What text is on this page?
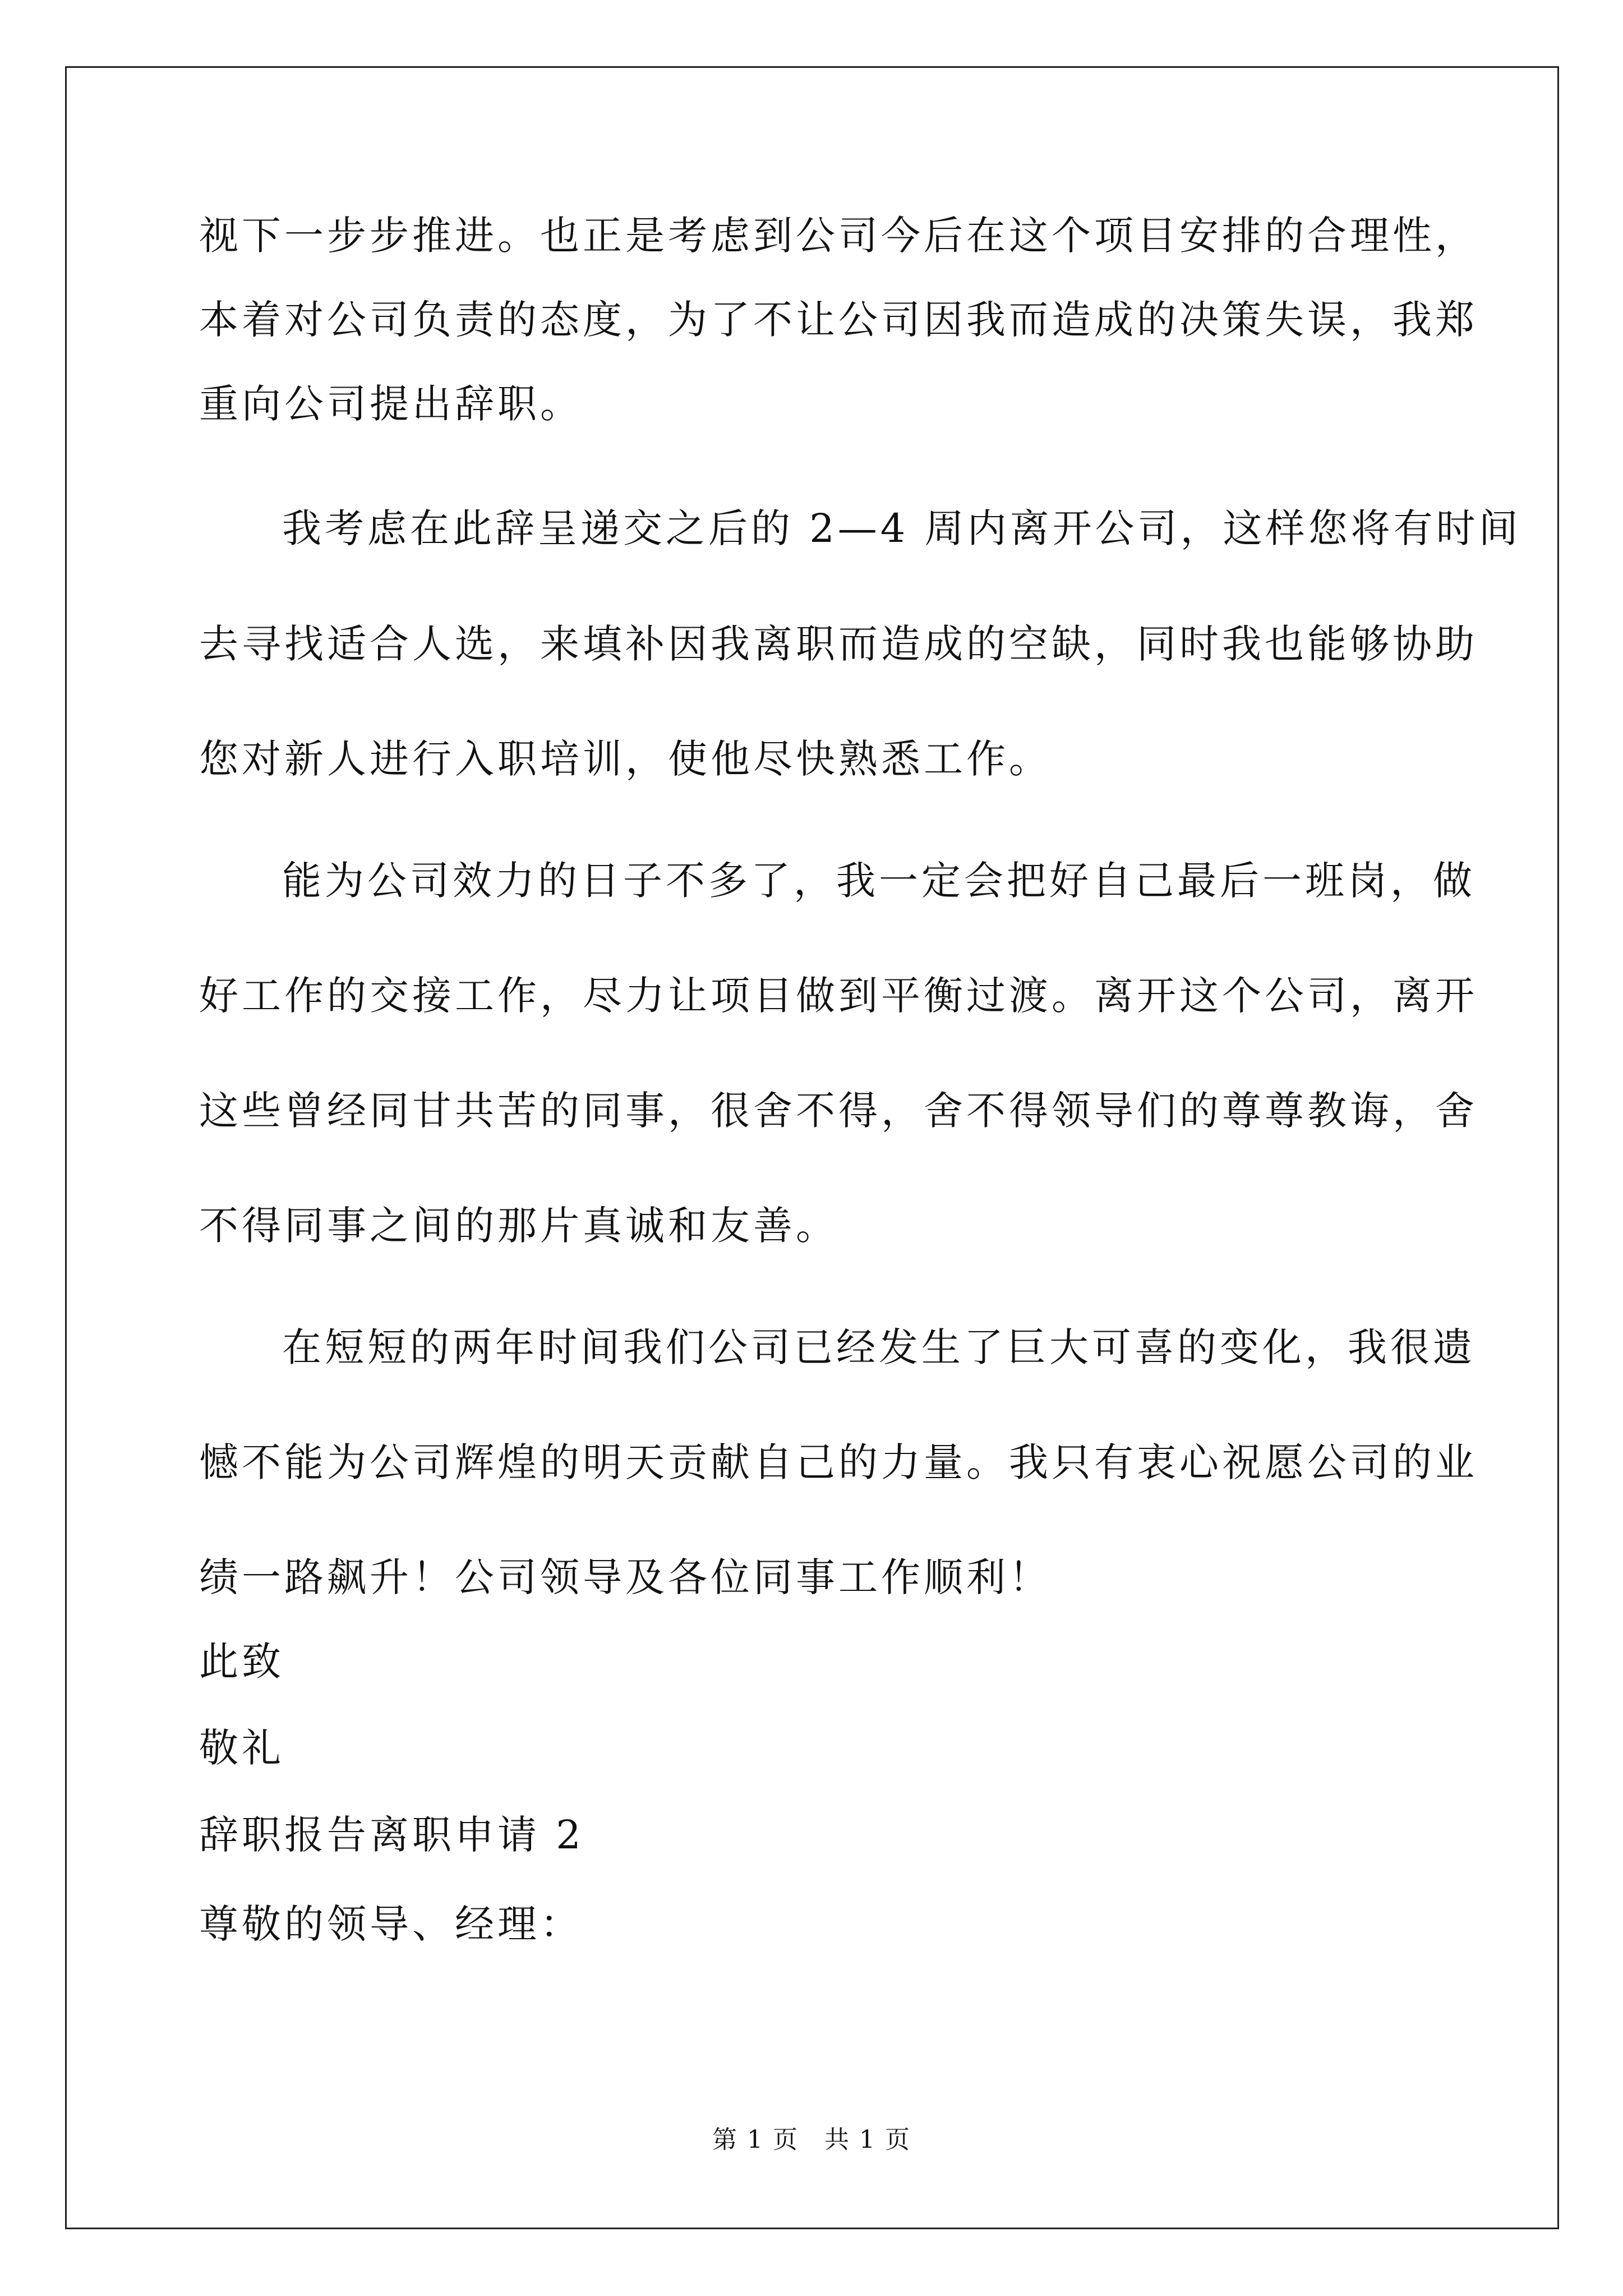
视下一步步推进。也正是考虑到公司今后在这个项目安排的合理性，
本着对公司负责的态度，为了不让公司因我而造成的决策失误，我郑
重向公司提出辞职。
我考虑在此辞呈递交之后的 2—4 周内离开公司，这样您将有时间
去寻找适合人选，来填补因我离职而造成的空缺，同时我也能够协助
您对新人进行入职培训，使他尽快熟悉工作。
能为公司效力的日子不多了，我一定会把好自己最后一班岗，做
好工作的交接工作，尽力让项目做到平衡过渡。离开这个公司，离开
这些曾经同甘共苦的同事，很舍不得，舍不得领导们的尊尊教诲，舍
不得同事之间的那片真诚和友善。
在短短的两年时间我们公司已经发生了巨大可喜的变化，我很遗
憾不能为公司辉煌的明天贡献自己的力量。我只有衷心祝愿公司的业
绩一路飙升！公司领导及各位同事工作顺利！
此致
敬礼
辞职报告离职申请 2
尊敬的领导、经理：
第 1 页　共 1 页
